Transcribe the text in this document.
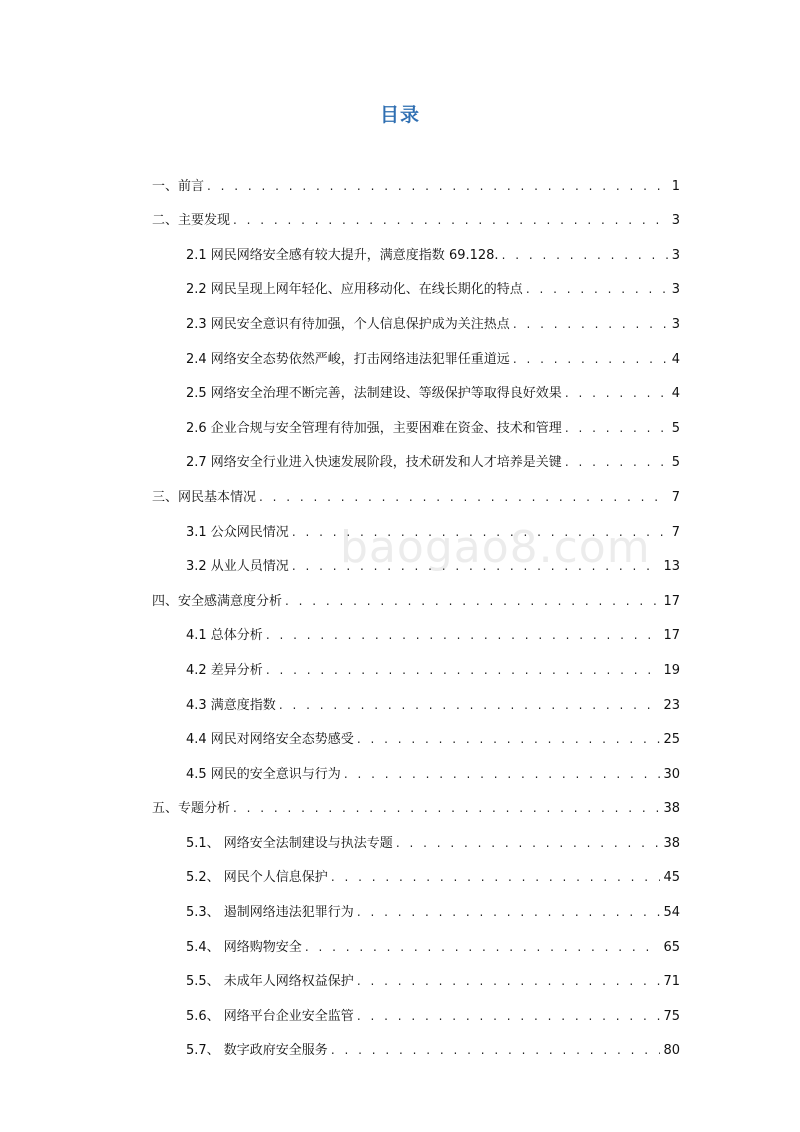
目录
一、前言 . . .	1
二、主要发现 . . .	3
2.1 网民网络安全感有较大提升，满意度指数 69.128. . . .	3
2.2 网民呈现上网年轻化、应用移动化、在线长期化的特点 . . .	3
2.3 网民安全意识有待加强，个人信息保护成为关注热点 . . .	3
2.4 网络安全态势依然严峻，打击网络违法犯罪任重道远 . . .	4
2.5 网络安全治理不断完善，法制建设、等级保护等取得良好效果 . . .	4
2.6 企业合规与安全管理有待加强，主要困难在资金、技术和管理 . . .	5
2.7 网络安全行业进入快速发展阶段，技术研发和人才培养是关键 . . .	5
三、网民基本情况 . . .	7
3.1 公众网民情况 . . .	7
3.2 从业人员情况 . . .	13
四、安全感满意度分析 . . .	17
4.1 总体分析 . . .	17
4.2 差异分析 . . .	19
4.3 满意度指数 . . .	23
4.4 网民对网络安全态势感受 . . .	25
4.5 网民的安全意识与行为 . . .	30
五、专题分析 . . .	38
5.1、 网络安全法制建设与执法专题 . . .	38
5.2、 网民个人信息保护 . . .	45
5.3、 遏制网络违法犯罪行为 . . .	54
5.4、 网络购物安全 . . .	65
5.5、 未成年人网络权益保护 . . .	71
5.6、 网络平台企业安全监管 . . .	75
5.7、 数字政府安全服务 . . .	80
baogao8.com
